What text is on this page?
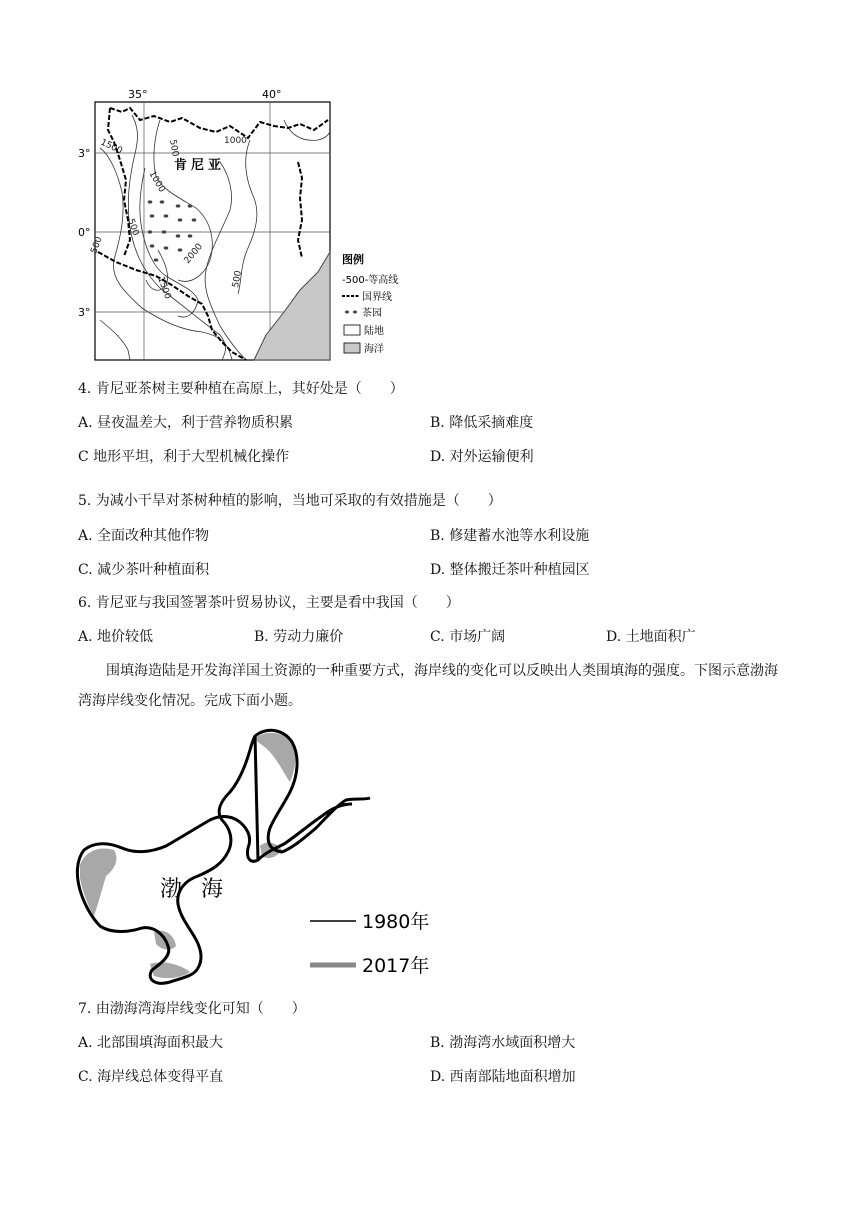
500	1000
1500
1000
500
2000
1500
500
500
35°	40°
3°
0°
3°
肯尼亚
图例
-500-等高线
国界线
茶园
陆地
海洋
4. 肯尼亚茶树主要种植在高原上，其好处是（　　）
A. 昼夜温差大，利于营养物质积累	B. 降低采摘难度
C 地形平坦，利于大型机械化操作	D. 对外运输便利
5. 为减小干旱对茶树种植的影响，当地可采取的有效措施是（　　）
A. 全面改种其他作物	B. 修建蓄水池等水利设施
C. 减少茶叶种植面积	D. 整体搬迁茶叶种植园区
6. 肯尼亚与我国签署茶叶贸易协议，主要是看中我国（　　）
A. 地价较低	B. 劳动力廉价	C. 市场广阔	D. 土地面积广
围填海造陆是开发海洋国土资源的一种重要方式，海岸线的变化可以反映出人类围填海的强度。下图示意渤海湾海岸线变化情况。完成下面小题。
渤 海
1980年
2017年
7. 由渤海湾海岸线变化可知（　　）
A. 北部围填海面积最大	B. 渤海湾水域面积增大
C. 海岸线总体变得平直	D. 西南部陆地面积增加
